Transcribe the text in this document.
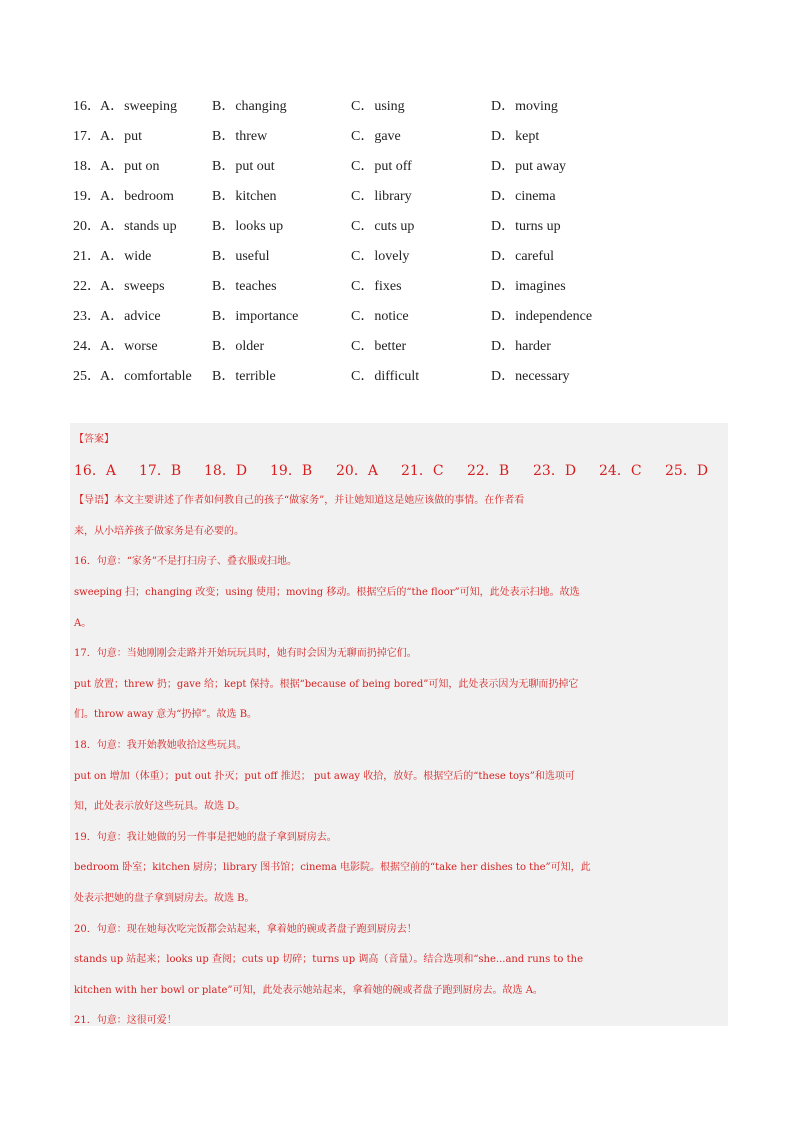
16． A．sweeping	B．changing	C．using	D．moving
17． A．put	B．threw	C．gave	D．kept
18． A．put on	B．put out	C．put off	D．put away
19． A．bedroom	B．kitchen	C．library	D．cinema
20． A．stands up	B．looks up	C．cuts up	D．turns up
21． A．wide	B．useful	C．lovely	D．careful
22． A．sweeps	B．teaches	C．fixes	D．imagines
23． A．advice	B．importance	C．notice	D．independence
24． A．worse	B．older	C．better	D．harder
25． A．comfortable B．terrible	C．difficult	D．necessary
【答案】
16．A 17．B 18．D 19．B 20．A 21．C 22．B 23．D 24．C 25．D
【导语】本文主要讲述了作者如何教自己的孩子“做家务”，并让她知道这是她应该做的事情。在作者看
来，从小培养孩子做家务是有必要的。
16．句意：“家务”不是打扫房子、叠衣服或扫地。
sweeping 扫；changing 改变；using 使用；moving 移动。根据空后的“the floor”可知，此处表示扫地。故选
A。
17．句意：当她刚刚会走路并开始玩玩具时，她有时会因为无聊而扔掉它们。
put 放置；threw 扔；gave 给；kept 保持。根据“because of being bored”可知，此处表示因为无聊而扔掉它
们。throw away 意为“扔掉”。故选 B。
18．句意：我开始教她收拾这些玩具。
put on 增加（体重）；put out 扑灭；put off 推迟； put away 收拾，放好。根据空后的“these toys”和选项可
知，此处表示放好这些玩具。故选 D。
19．句意：我让她做的另一件事是把她的盘子拿到厨房去。
bedroom 卧室；kitchen 厨房；library 图书馆；cinema 电影院。根据空前的“take her dishes to the”可知，此
处表示把她的盘子拿到厨房去。故选 B。
20．句意：现在她每次吃完饭都会站起来，拿着她的碗或者盘子跑到厨房去！
stands up 站起来；looks up 查阅；cuts up 切碎；turns up 调高（音量）。结合选项和“she...and runs to the
kitchen with her bowl or plate”可知，此处表示她站起来，拿着她的碗或者盘子跑到厨房去。故选 A。
21．句意：这很可爱！
